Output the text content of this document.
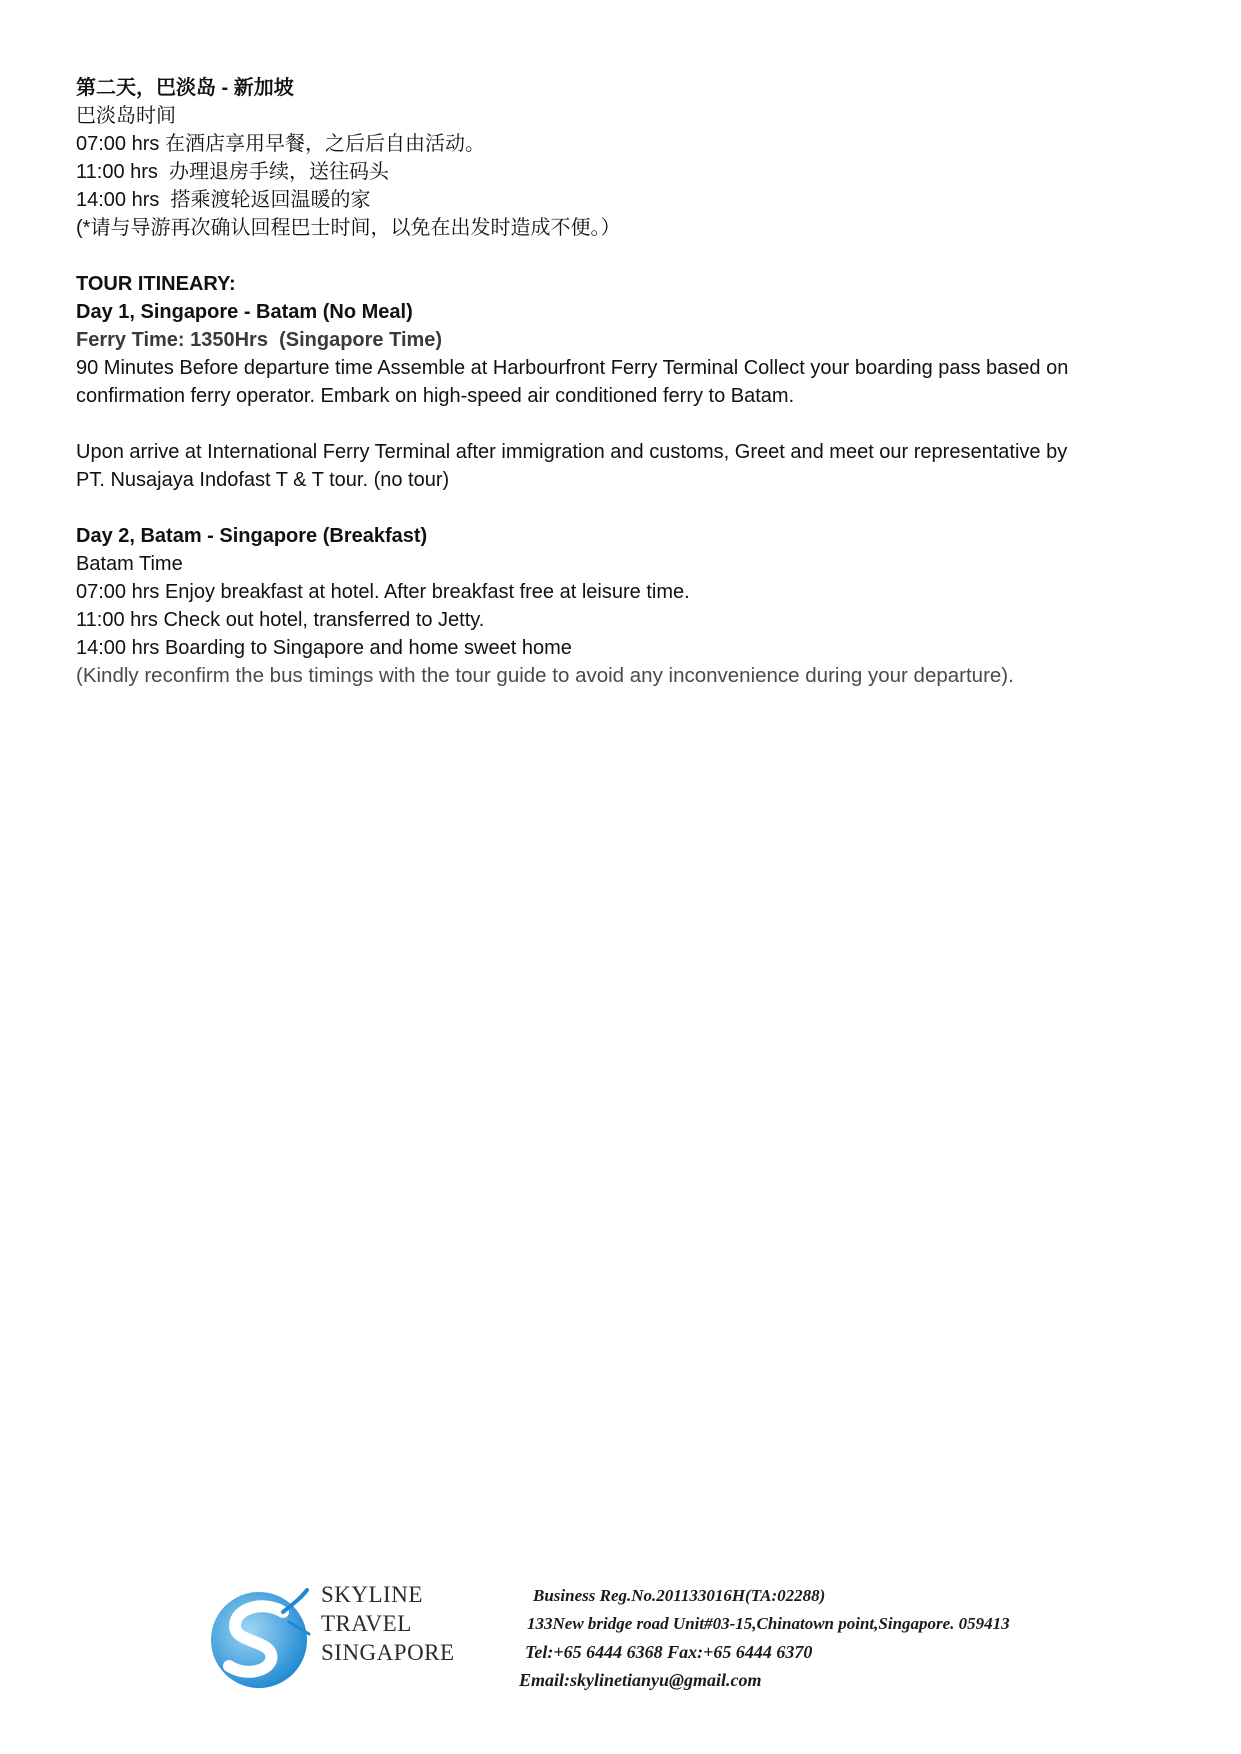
第二天，巴淡岛 - 新加坡
巴淡岛时间
07:00 hrs 在酒店享用早餐，之后后自由活动。
11:00 hrs  办理退房手续，送往码头
14:00 hrs  搭乘渡轮返回温暖的家
(*请与导游再次确认回程巴士时间，以免在出发时造成不便。）
TOUR ITINEARY:
Day 1, Singapore - Batam (No Meal)
Ferry Time: 1350Hrs  (Singapore Time)
90 Minutes Before departure time Assemble at Harbourfront Ferry Terminal Collect your boarding pass based on
confirmation ferry operator. Embark on high-speed air conditioned ferry to Batam.
Upon arrive at International Ferry Terminal after immigration and customs, Greet and meet our representative by
PT. Nusajaya Indofast T & T tour. (no tour)
Day 2, Batam - Singapore (Breakfast)
Batam Time
07:00 hrs Enjoy breakfast at hotel. After breakfast free at leisure time.
11:00 hrs Check out hotel, transferred to Jetty.
14:00 hrs Boarding to Singapore and home sweet home
(Kindly reconfirm the bus timings with the tour guide to avoid any inconvenience during your departure).
SKYLINE
TRAVEL
SINGAPORE
Business Reg.No.201133016H(TA:02288)
133New bridge road Unit#03-15,Chinatown point,Singapore. 059413
Tel:+65 6444 6368 Fax:+65 6444 6370
Email:skylinetianyu@gmail.com
